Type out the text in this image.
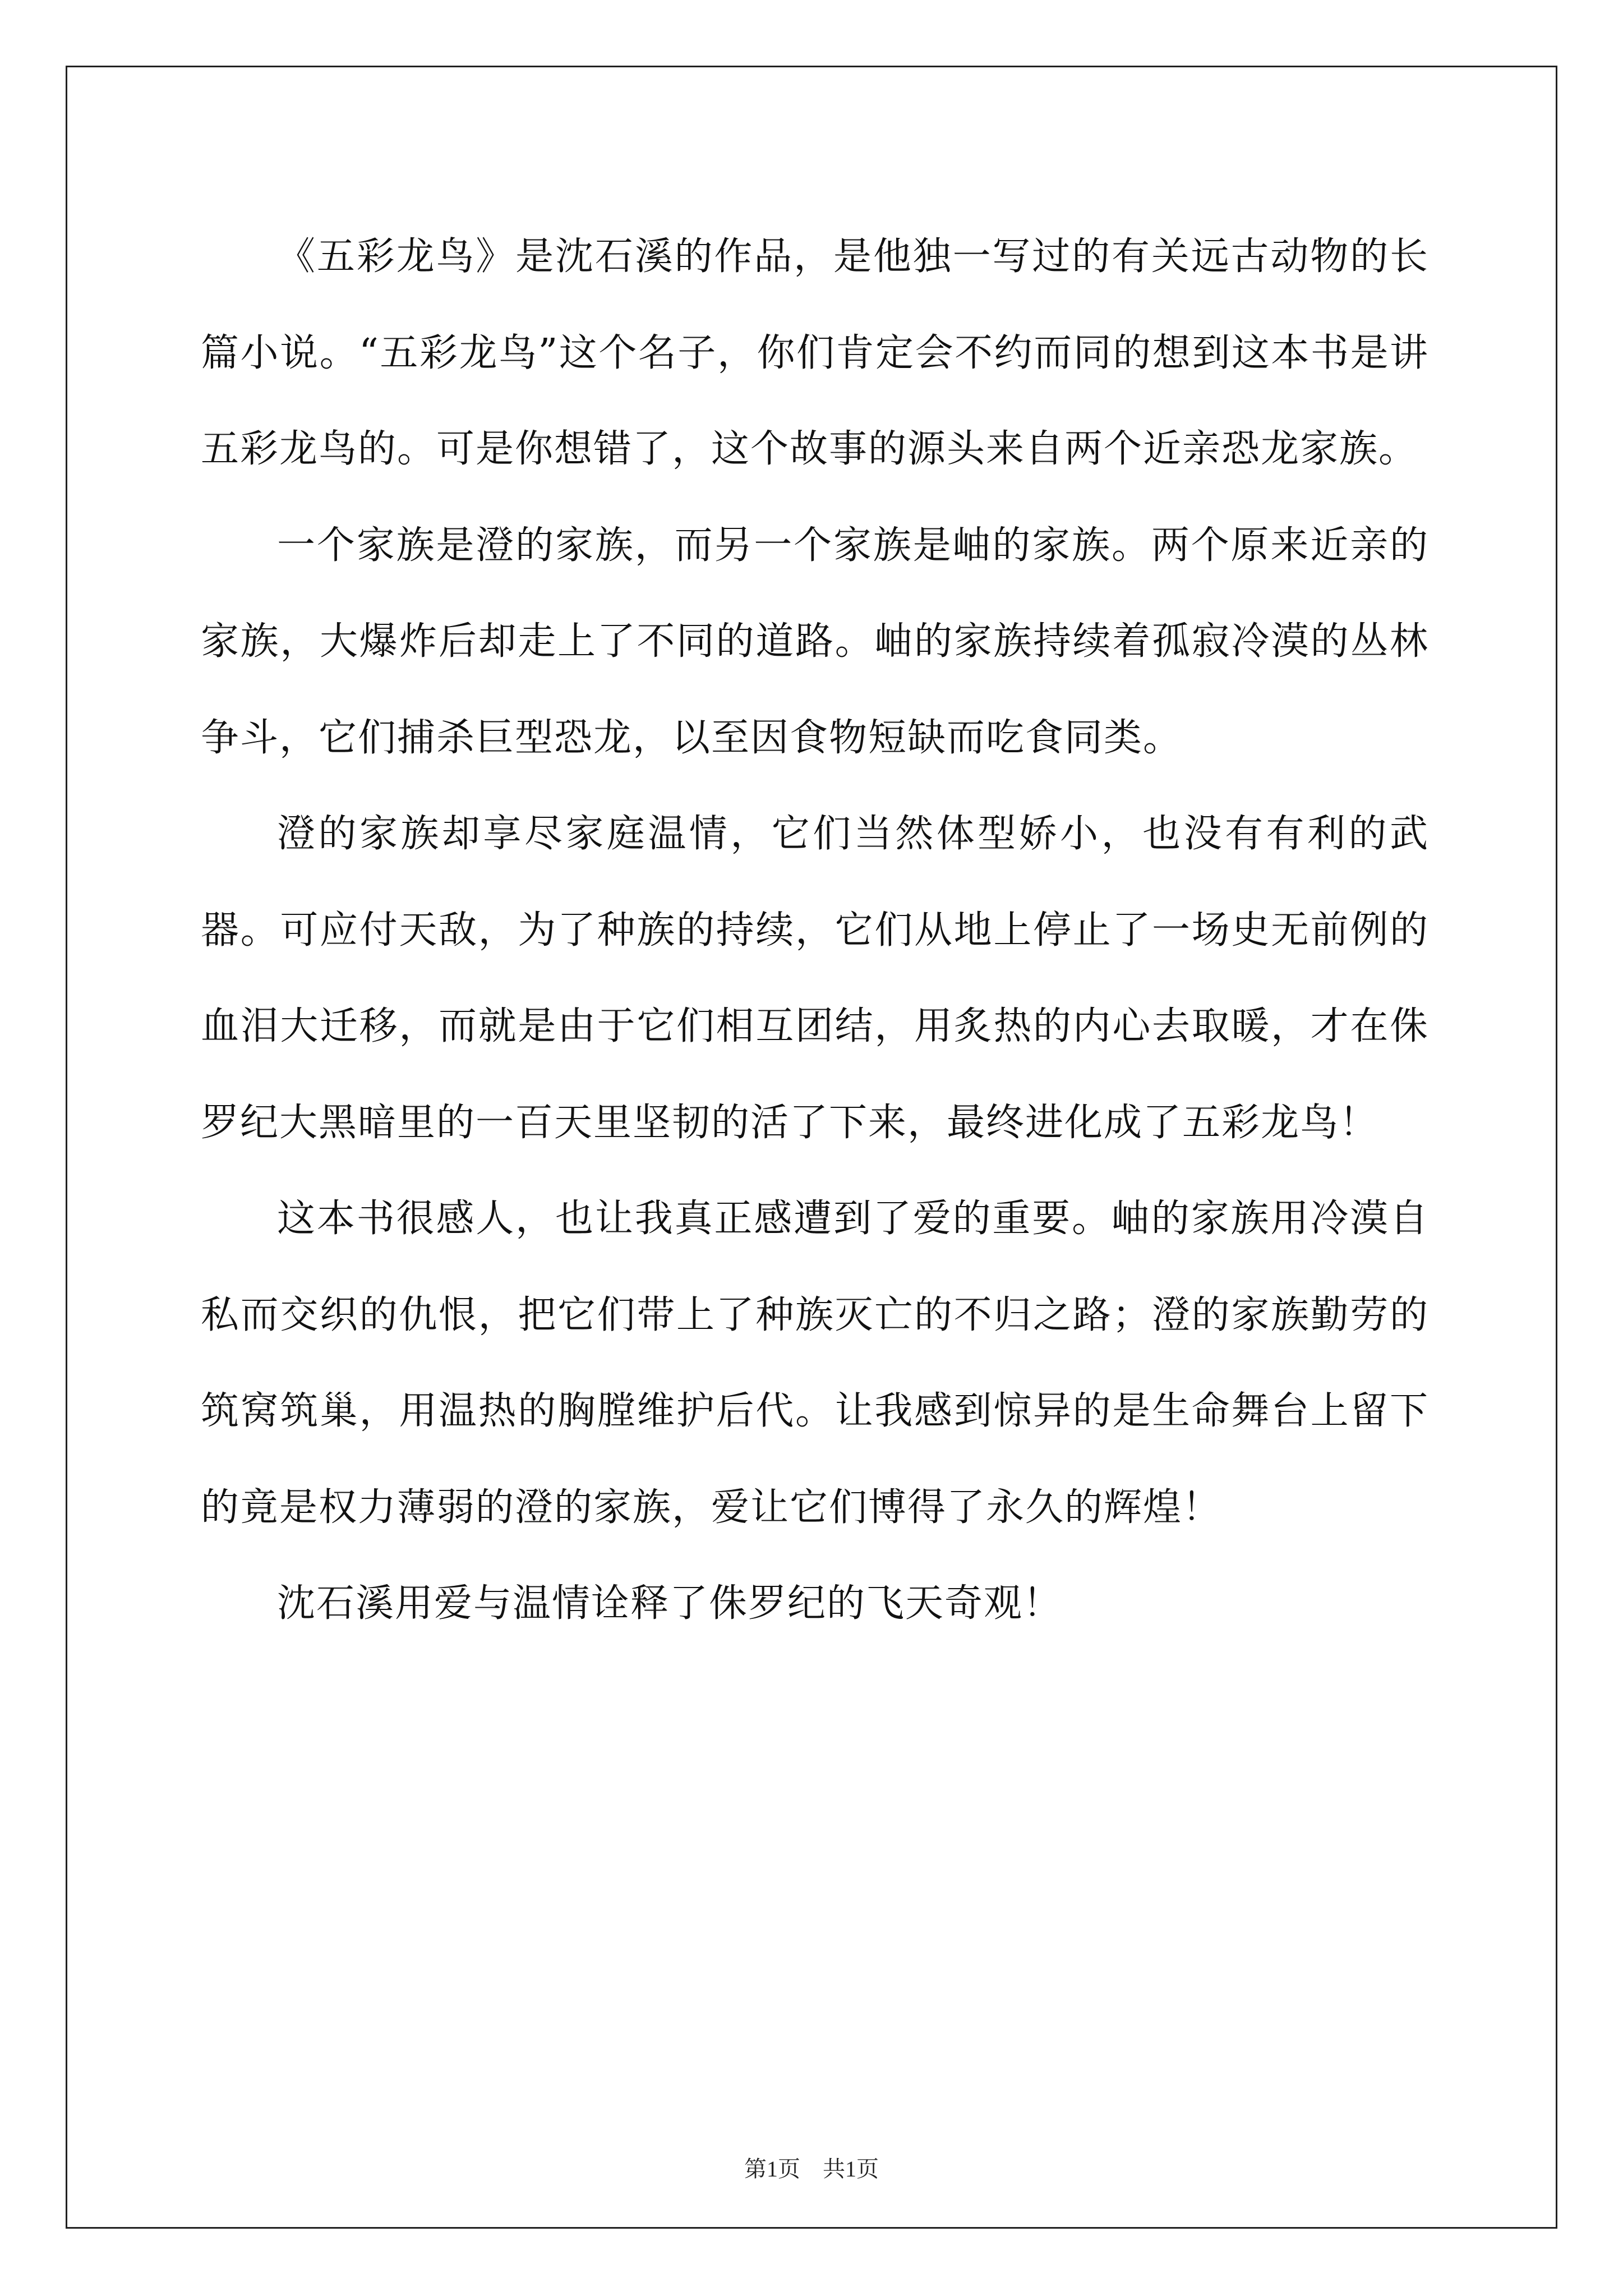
《五彩龙鸟》是沈石溪的作品，是他独一写过的有关远古动物的长篇小说。“五彩龙鸟”这个名子，你们肯定会不约而同的想到这本书是讲五彩龙鸟的。可是你想错了，这个故事的源头来自两个近亲恐龙家族。

一个家族是澄的家族，而另一个家族是岫的家族。两个原来近亲的家族，大爆炸后却走上了不同的道路。岫的家族持续着孤寂冷漠的丛林争斗，它们捕杀巨型恐龙，以至因食物短缺而吃食同类。

澄的家族却享尽家庭温情，它们当然体型娇小，也没有有利的武器。可应付天敌，为了种族的持续，它们从地上停止了一场史无前例的血泪大迁移，而就是由于它们相互团结，用炙热的内心去取暖，才在侏罗纪大黑暗里的一百天里坚韧的活了下来，最终进化成了五彩龙鸟！

这本书很感人，也让我真正感遭到了爱的重要。岫的家族用冷漠自私而交织的仇恨，把它们带上了种族灭亡的不归之路；澄的家族勤劳的筑窝筑巢，用温热的胸膛维护后代。让我感到惊异的是生命舞台上留下的竟是权力薄弱的澄的家族，爱让它们博得了永久的辉煌！

沈石溪用爱与温情诠释了侏罗纪的飞天奇观！

第1页 共1页
